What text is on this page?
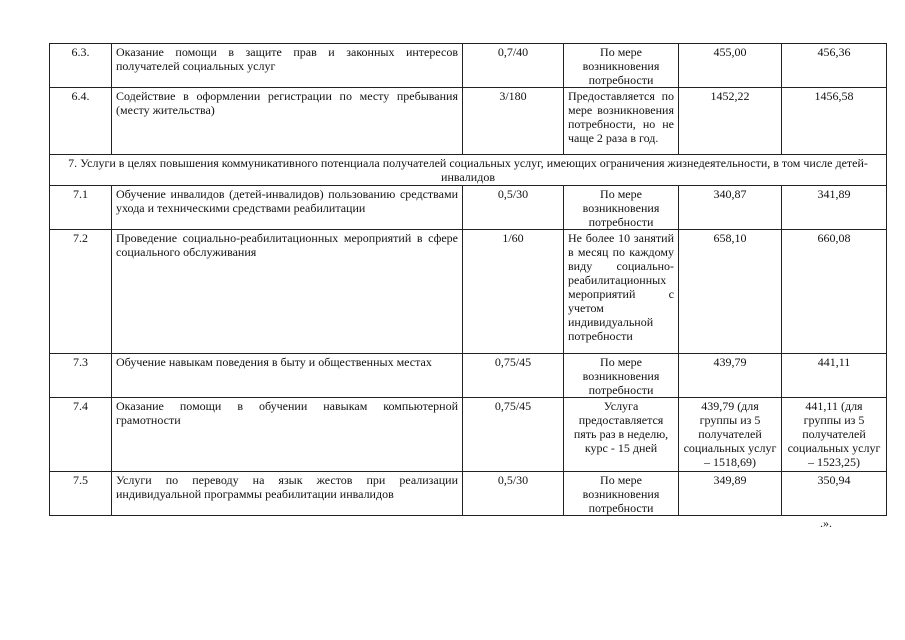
6.3.	Оказание помощи в защите прав и законных интересов получателей социальных услуг	0,7/40	По мере возникновения потребности	455,00	456,36
6.4.	Содействие в оформлении регистрации по месту пребывания (месту жительства)	3/180	Предоставляется по мере возникновения потребности, но не чаще 2 раза в год.	1452,22	1456,58
7. Услуги в целях повышения коммуникативного потенциала получателей социальных услуг, имеющих ограничения жизнедеятельности, в том числе детей-инвалидов					
7.1	Обучение инвалидов (детей-инвалидов) пользованию средствами ухода и техническими средствами реабилитации	0,5/30	По мере возникновения потребности	340,87	341,89
7.2	Проведение социально-реабилитационных мероприятий в сфере социального обслуживания	1/60	Не более 10 занятий в месяц по каждому виду социально-реабилитационных мероприятий с учетом индивидуальной потребности	658,10	660,08
7.3	Обучение навыкам поведения в быту и общественных местах	0,75/45	По мере возникновения потребности	439,79	441,11
7.4	Оказание помощи в обучении навыкам компьютерной грамотности	0,75/45	Услуга предоставляется пять раз в неделю, курс - 15 дней	439,79 (для группы из 5 получателей социальных услуг – 1518,69)	441,11 (для группы из 5 получателей социальных услуг – 1523,25)
7.5	Услуги по переводу на язык жестов при реализации индивидуальной программы реабилитации инвалидов	0,5/30	По мере возникновения потребности	349,89	350,94
.».
